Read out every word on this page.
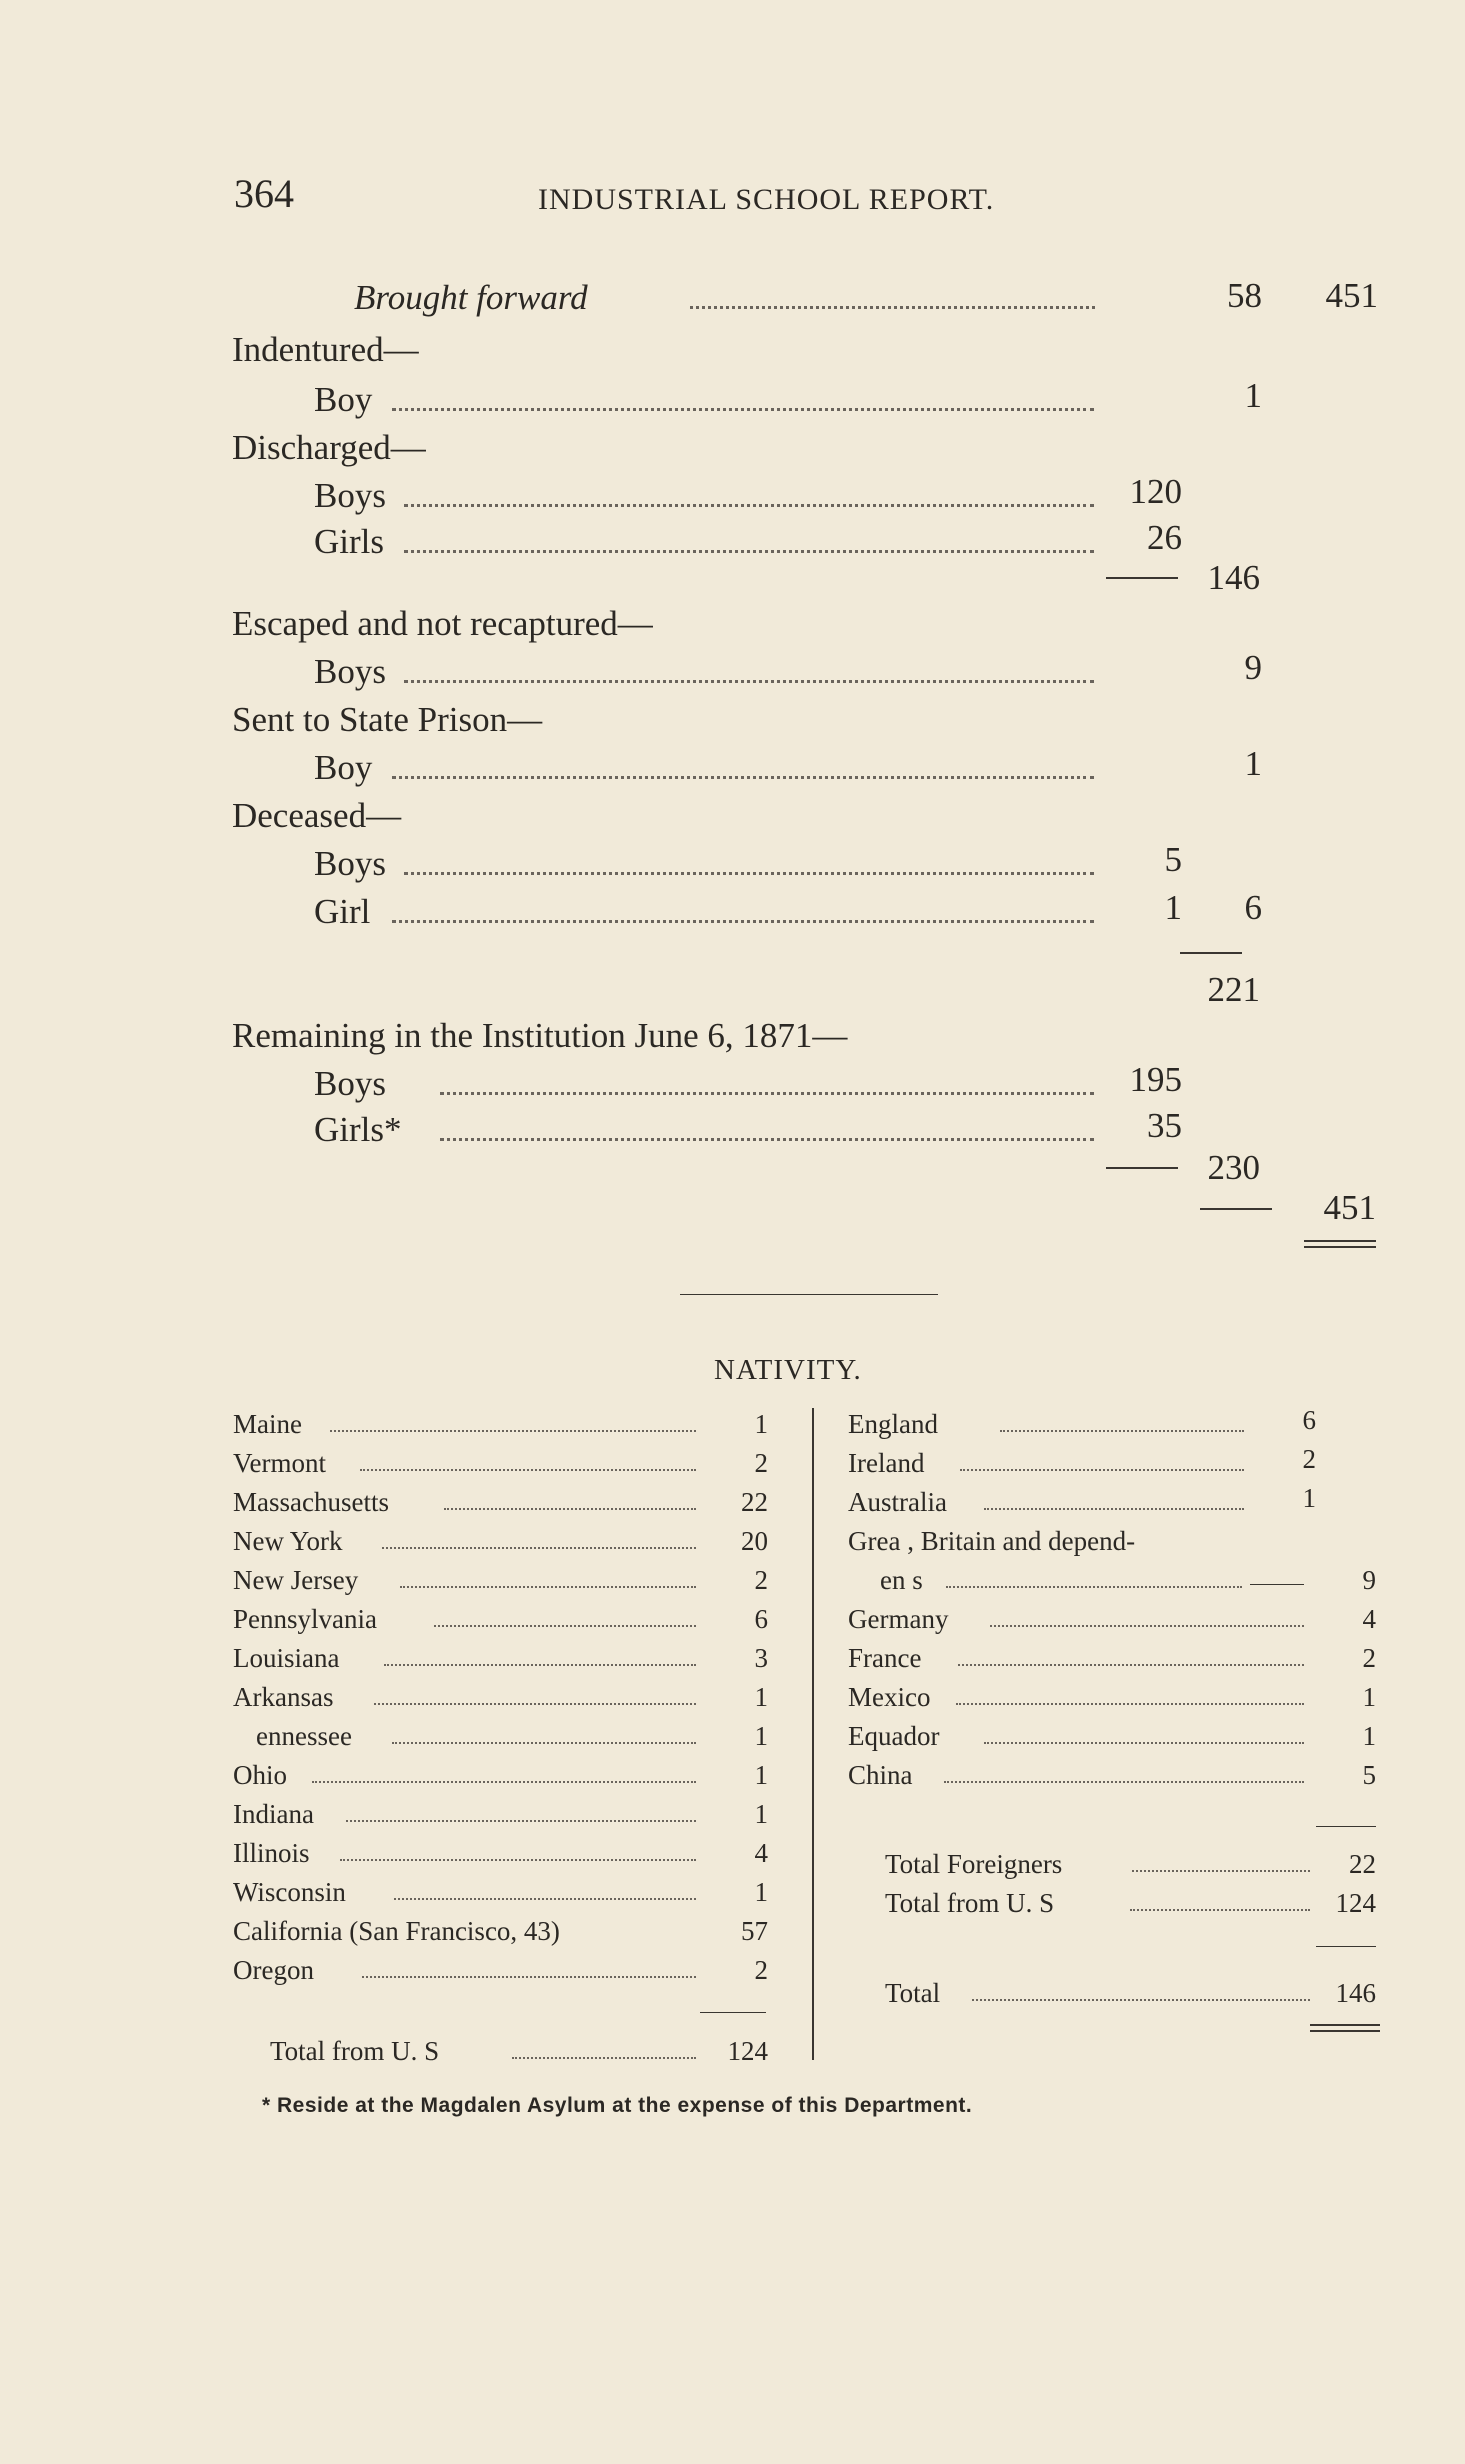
364	INDUSTRIAL SCHOOL REPORT.
Brought forward	58	451
Indentured—
Boy	1
Discharged—
Boys	120
Girls	26
146
Escaped and not recaptured—
Boys	9
Sent to State Prison—
Boy	1
Deceased—
Boys	5
Girl	1	6
221
Remaining in the Institution June 6, 1871—
Boys	195
Girls*	35
230
451
NATIVITY.
Maine	1
Vermont	2
Massachusetts	22
New York	20
New Jersey	2
Pennsylvania	6
Louisiana	3
Arkansas	1
ennessee	1
Ohio	1
Indiana	1
Illinois	4
Wisconsin	1
California (San Francisco, 43)	57
Oregon	2
Total from U. S	124
England	6
Ireland	2
Australia	1
Grea , Britain and depend-
en s	9
Germany	4
France	2
Mexico	1
Equador	1
China	5
Total Foreigners	22
Total from U. S	124
Total	146
* Reside at the Magdalen Asylum at the expense of this Department.
